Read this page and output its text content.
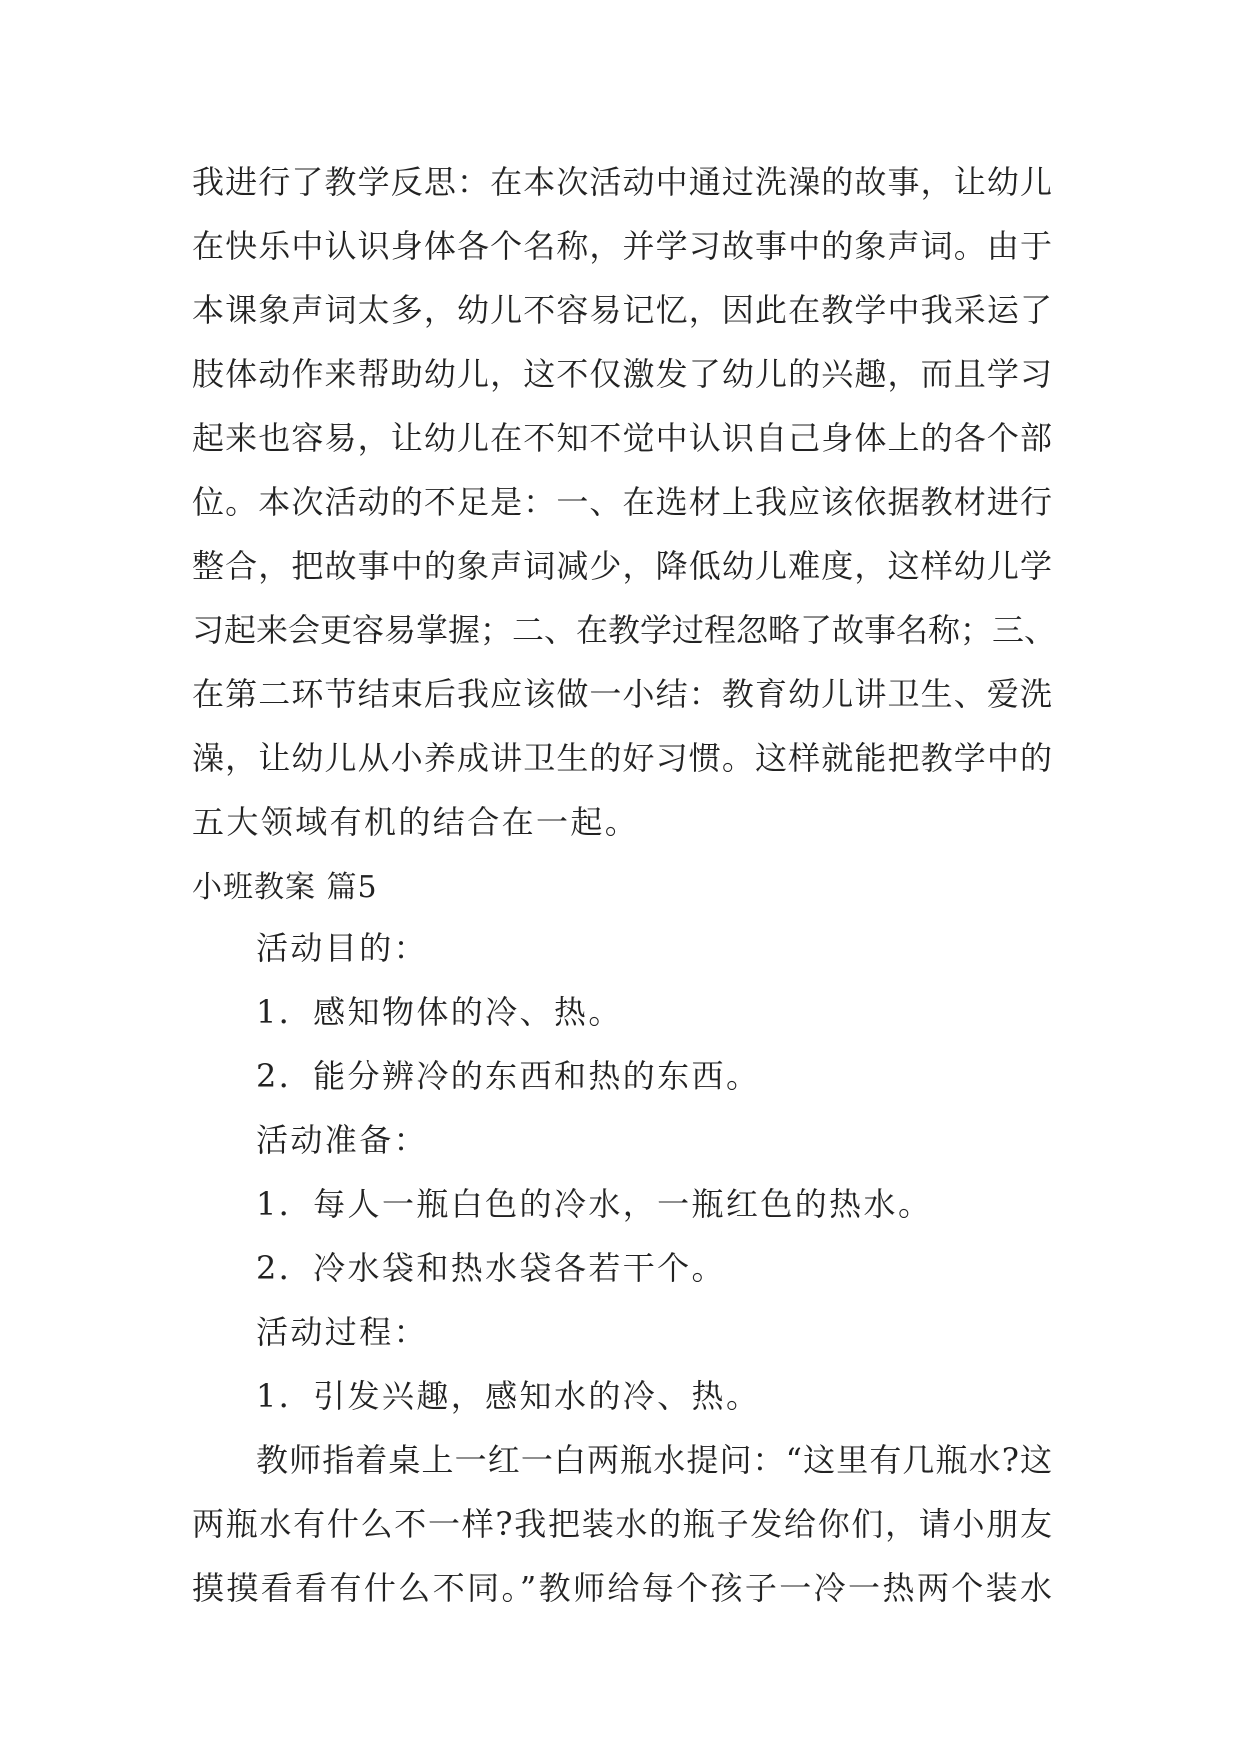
我进行了教学反思：在本次活动中通过洗澡的故事，让幼儿
在快乐中认识身体各个名称，并学习故事中的象声词。由于
本课象声词太多，幼儿不容易记忆，因此在教学中我采运了
肢体动作来帮助幼儿，这不仅激发了幼儿的兴趣，而且学习
起来也容易，让幼儿在不知不觉中认识自己身体上的各个部
位。本次活动的不足是：一、在选材上我应该依据教材进行
整合，把故事中的象声词减少，降低幼儿难度，这样幼儿学
习起来会更容易掌握；二、在教学过程忽略了故事名称；三、
在第二环节结束后我应该做一小结：教育幼儿讲卫生、爱洗
澡，让幼儿从小养成讲卫生的好习惯。这样就能把教学中的
五大领域有机的结合在一起。
小班教案 篇5
活动目的：
1．感知物体的冷、热。
2．能分辨冷的东西和热的东西。
活动准备：
1．每人一瓶白色的冷水，一瓶红色的热水。
2．冷水袋和热水袋各若干个。
活动过程：
1．引发兴趣，感知水的冷、热。
教师指着桌上一红一白两瓶水提问：“这里有几瓶水?这
两瓶水有什么不一样?我把装水的瓶子发给你们，请小朋友
摸摸看看有什么不同。”教师给每个孩子一冷一热两个装水
